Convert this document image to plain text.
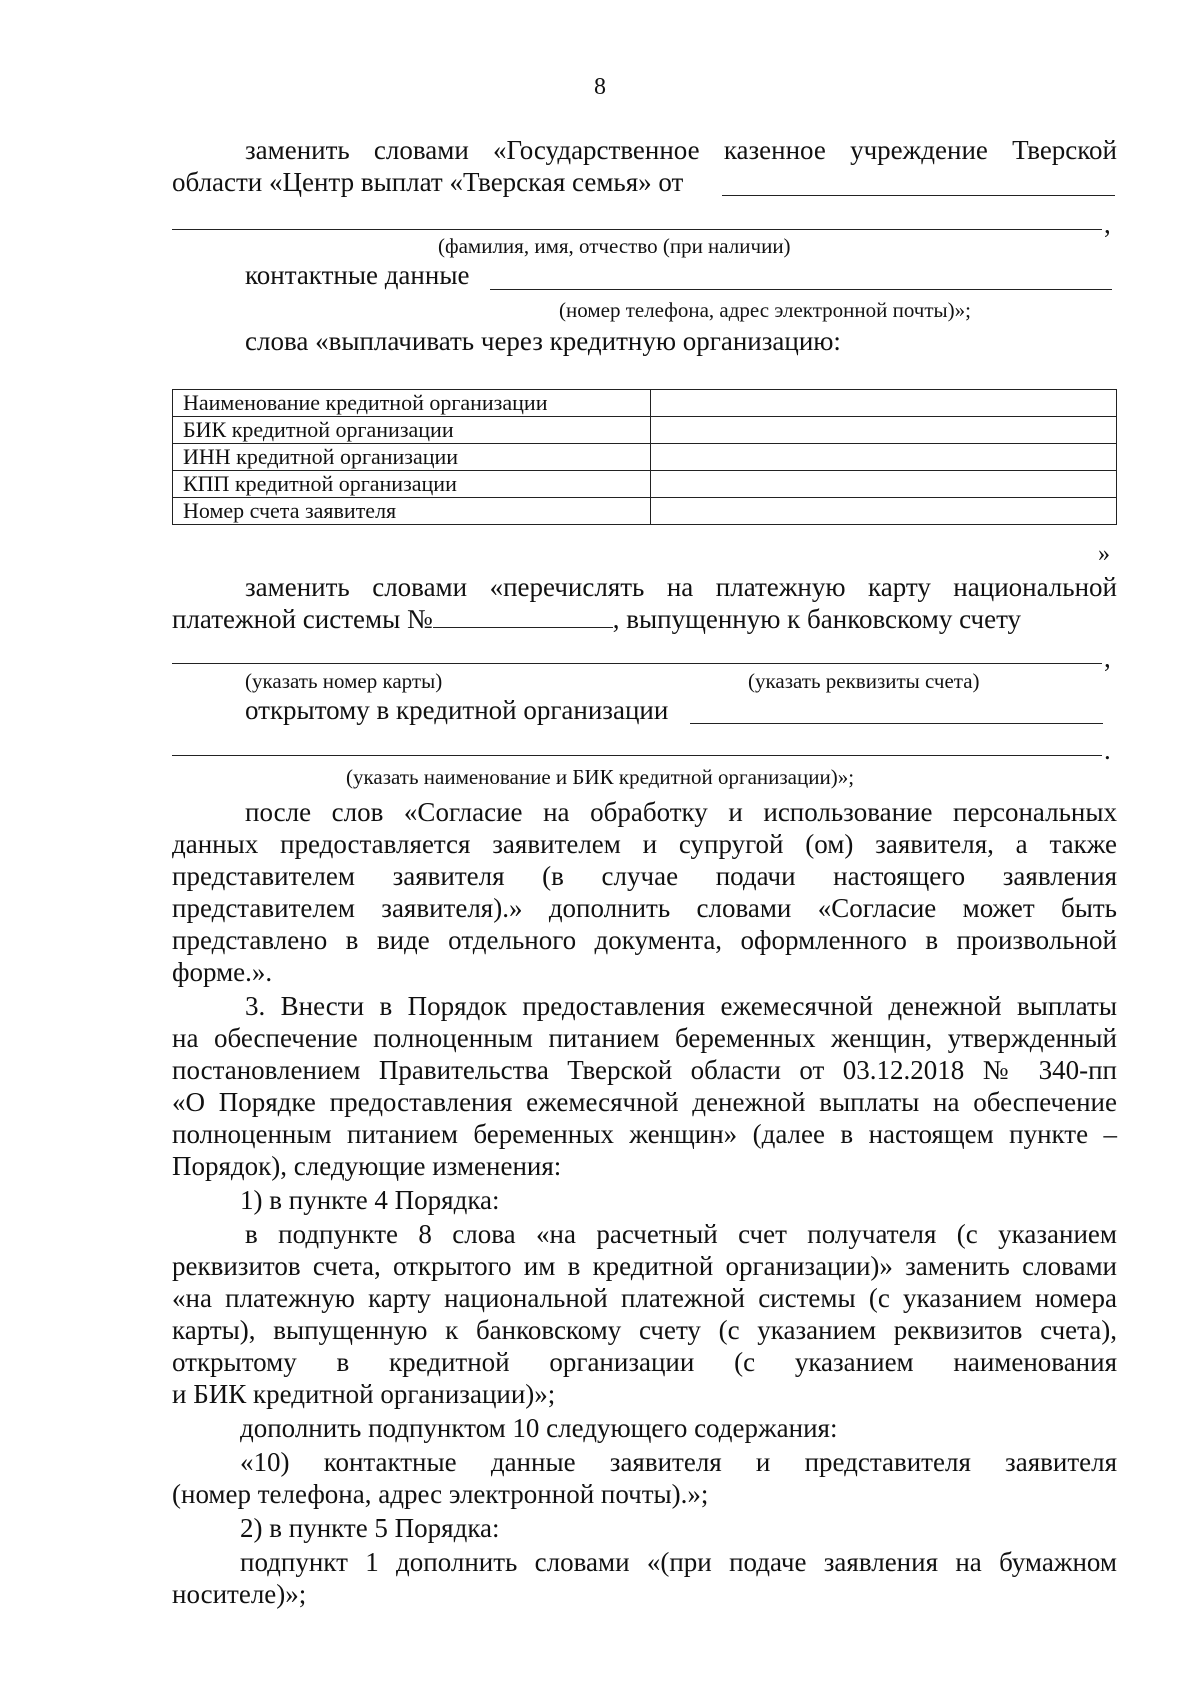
8
заменить словами «Государственное казенное учреждение Тверской
области «Центр выплат «Тверская семья» от
,
(фамилия, имя, отчество (при наличии)
контактные данные
(номер телефона, адрес электронной почты)»;
слова «выплачивать через кредитную организацию:
Наименование кредитной организации	
БИК кредитной организации	
ИНН кредитной организации	
КПП кредитной организации	
Номер счета заявителя	
»
заменить словами «перечислять на платежную карту национальной
платежной системы №	, выпущенную к банковскому счету
,
(указать номер карты)	(указать реквизиты счета)
открытому в кредитной организации
.
(указать наименование и БИК кредитной организации)»;
после слов «Согласие на обработку и использование персональных
данных предоставляется заявителем и супругой (ом) заявителя, а также
представителем заявителя (в случае подачи настоящего заявления
представителем заявителя).» дополнить словами «Согласие может быть
представлено в виде отдельного документа, оформленного в произвольной
форме.».
3. Внести в Порядок предоставления ежемесячной денежной выплаты
на обеспечение полноценным питанием беременных женщин, утвержденный
постановлением Правительства Тверской области от 03.12.2018 № 340-пп
«О Порядке предоставления ежемесячной денежной выплаты на обеспечение
полноценным питанием беременных женщин» (далее в настоящем пункте –
Порядок), следующие изменения:
1) в пункте 4 Порядка:
в подпункте 8 слова «на расчетный счет получателя (с указанием
реквизитов счета, открытого им в кредитной организации)» заменить словами
«на платежную карту национальной платежной системы (с указанием номера
карты), выпущенную к банковскому счету (с указанием реквизитов счета),
открытому в кредитной организации (с указанием наименования
и БИК кредитной организации)»;
дополнить подпунктом 10 следующего содержания:
«10) контактные данные заявителя и представителя заявителя
(номер телефона, адрес электронной почты).»;
2) в пункте 5 Порядка:
подпункт 1 дополнить словами «(при подаче заявления на бумажном
носителе)»;
